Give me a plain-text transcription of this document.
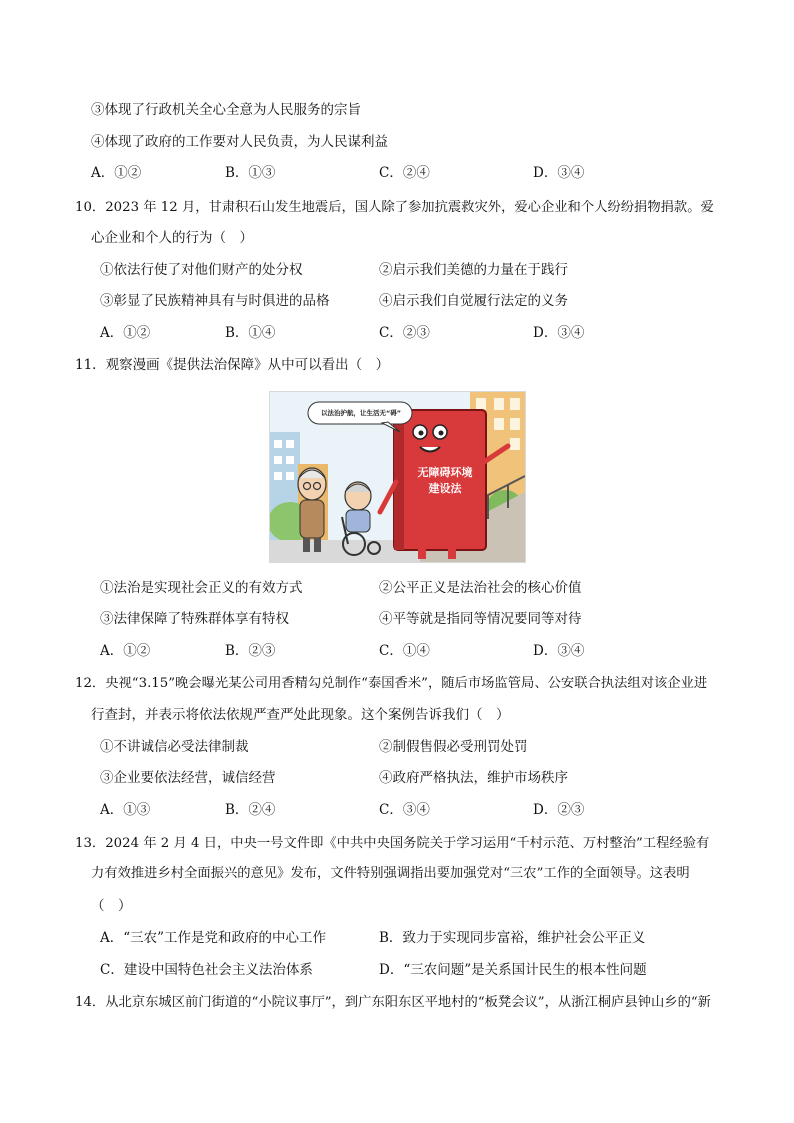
③体现了行政机关全心全意为人民服务的宗旨
④体现了政府的工作要对人民负责，为人民谋利益
A．①②	B．①③	C．②④	D．③④
10．2023 年 12 月，甘肃积石山发生地震后，国人除了参加抗震救灾外，爱心企业和个人纷纷捐物捐款。爱
心企业和个人的行为（　）
①依法行使了对他们财产的处分权	②启示我们美德的力量在于践行
③彰显了民族精神具有与时俱进的品格	④启示我们自觉履行法定的义务
A．①②	B．①④	C．②③	D．③④
11．观察漫画《提供法治保障》从中可以看出（　）
以法治护航，让生活无“碍”
无障碍环境
建设法
①法治是实现社会正义的有效方式	②公平正义是法治社会的核心价值
③法律保障了特殊群体享有特权	④平等就是指同等情况要同等对待
A．①②	B．②③	C．①④	D．③④
12．央视“3.15”晚会曝光某公司用香精勾兑制作“泰国香米”，随后市场监管局、公安联合执法组对该企业进
行查封，并表示将依法依规严查严处此现象。这个案例告诉我们（　）
①不讲诚信必受法律制裁	②制假售假必受刑罚处罚
③企业要依法经营，诚信经营	④政府严格执法，维护市场秩序
A．①③	B．②④	C．③④	D．②③
13．2024 年 2 月 4 日，中央一号文件即《中共中央国务院关于学习运用“千村示范、万村整治”工程经验有
力有效推进乡村全面振兴的意见》发布，文件特别强调指出要加强党对“三农”工作的全面领导。这表明
（　）
A．“三农”工作是党和政府的中心工作	B．致力于实现同步富裕，维护社会公平正义
C．建设中国特色社会主义法治体系	D．“三农问题”是关系国计民生的根本性问题
14．从北京东城区前门街道的“小院议事厅”，到广东阳东区平地村的“板凳会议”，从浙江桐庐县钟山乡的“新
